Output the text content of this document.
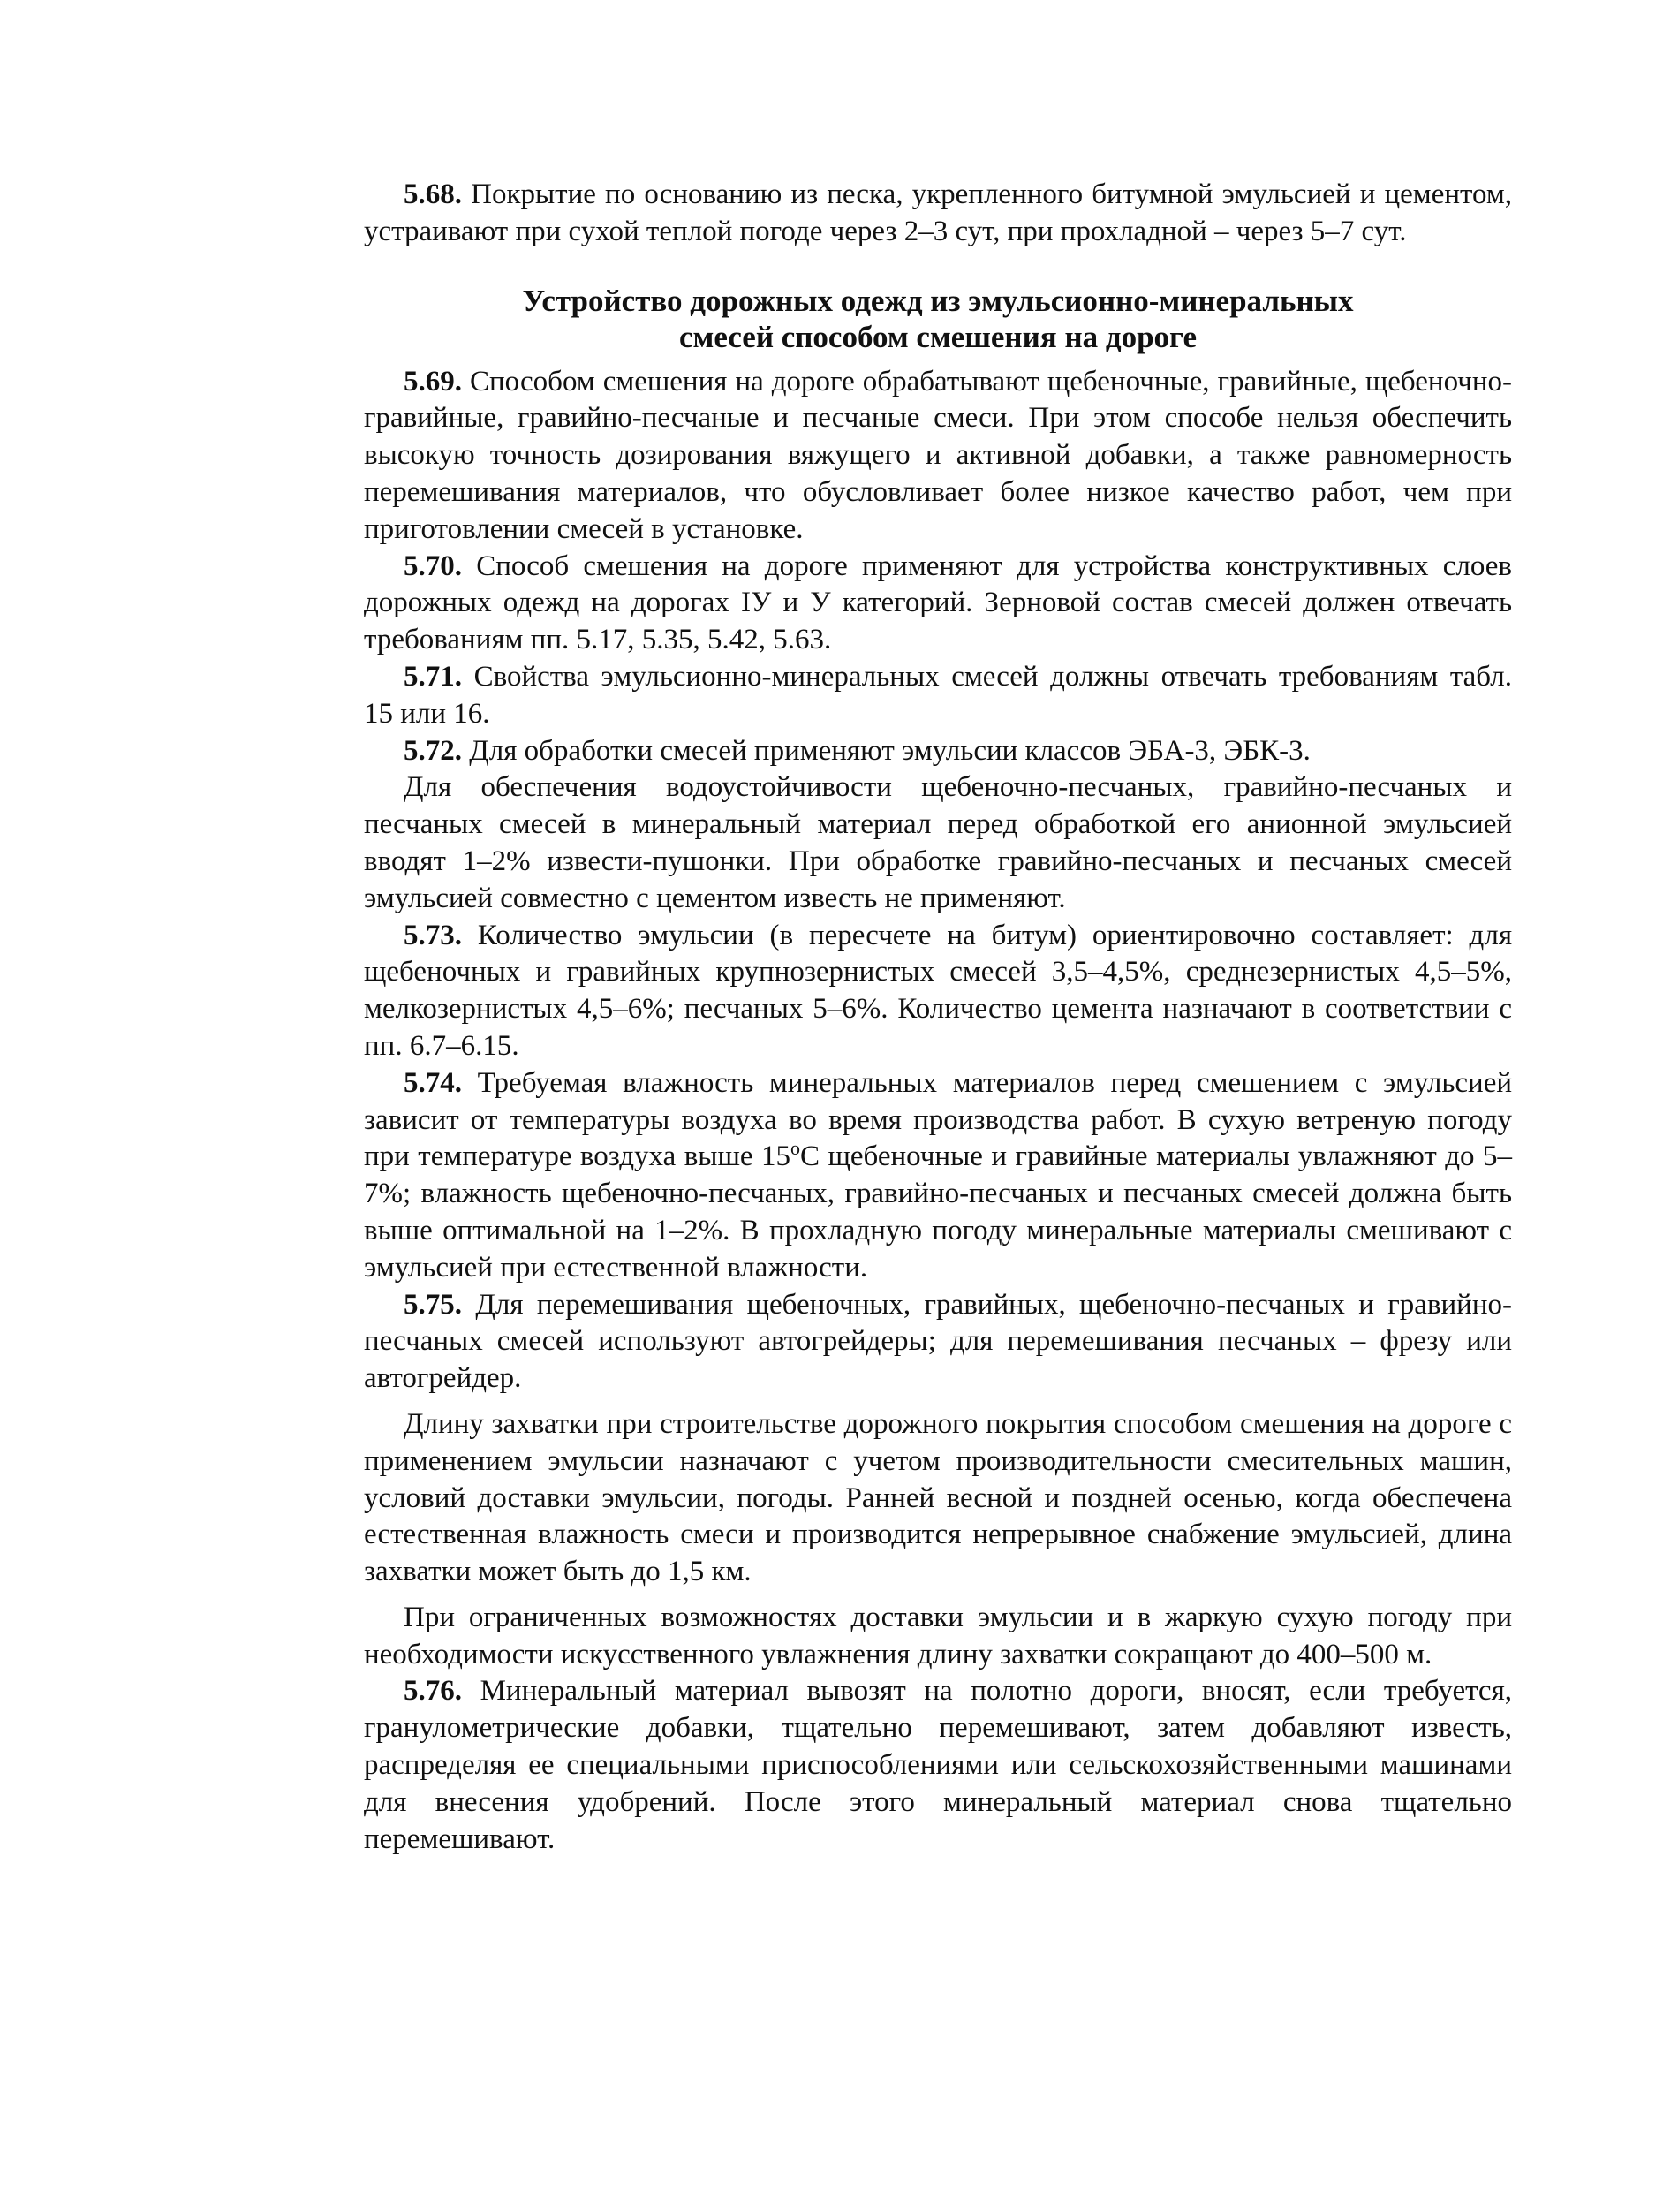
5.68. Покрытие по основанию из песка, укрепленного битумной эмульсией и цементом, устраивают при сухой теплой погоде через 2–3 сут, при прохладной – через 5–7 сут.

Устройство дорожных одежд из эмульсионно-минеральных
смесей способом смешения на дороге

5.69. Способом смешения на дороге обрабатывают щебеночные, гравийные, щебеночно-гравийные, гравийно-песчаные и песчаные смеси. При этом способе нельзя обеспечить высокую точность дозирования вяжущего и активной добавки, а также равномерность перемешивания материалов, что обусловливает более низкое качество работ, чем при приготовлении смесей в установке.

5.70. Способ смешения на дороге применяют для устройства конструктивных слоев дорожных одежд на дорогах IУ и У категорий. Зерновой состав смесей должен отвечать требованиям пп. 5.17, 5.35, 5.42, 5.63.

5.71. Свойства эмульсионно-минеральных смесей должны отвечать требованиям табл. 15 или 16.

5.72. Для обработки смесей применяют эмульсии классов ЭБА-3, ЭБК-3.

Для обеспечения водоустойчивости щебеночно-песчаных, гравийно-песчаных и песчаных смесей в минеральный материал перед обработкой его анионной эмульсией вводят 1–2% извести-пушонки. При обработке гравийно-песчаных и песчаных смесей эмульсией совместно с цементом известь не применяют.

5.73. Количество эмульсии (в пересчете на битум) ориентировочно составляет: для щебеночных и гравийных крупнозернистых смесей 3,5–4,5%, среднезернистых 4,5–5%, мелкозернистых 4,5–6%; песчаных 5–6%. Количество цемента назначают в соответствии с пп. 6.7–6.15.

5.74. Требуемая влажность минеральных материалов перед смешением с эмульсией зависит от температуры воздуха во время производства работ. В сухую ветреную погоду при температуре воздуха выше $15^оС$ щебеночные и гравийные материалы увлажняют до 5–7%; влажность щебеночно-песчаных, гравийно-песчаных и песчаных смесей должна быть выше оптимальной на 1–2%. В прохладную погоду минеральные материалы смешивают с эмульсией при естественной влажности.

5.75. Для перемешивания щебеночных, гравийных, щебеночно-песчаных и гравийно-песчаных смесей используют автогрейдеры; для перемешивания песчаных – фрезу или автогрейдер.

Длину захватки при строительстве дорожного покрытия способом смешения на дороге с применением эмульсии назначают с учетом производительности смесительных машин, условий доставки эмульсии, погоды. Ранней весной и поздней осенью, когда обеспечена естественная влажность смеси и производится непрерывное снабжение эмульсией, длина захватки может быть до 1,5 км.

При ограниченных возможностях доставки эмульсии и в жаркую сухую погоду при необходимости искусственного увлажнения длину захватки сокращают до 400–500 м.

5.76. Минеральный материал вывозят на полотно дороги, вносят, если требуется, гранулометрические добавки, тщательно перемешивают, затем добавляют известь, распределяя ее специальными приспособлениями или сельскохозяйственными машинами для внесения удобрений. После этого минеральный материал снова тщательно перемешивают.
